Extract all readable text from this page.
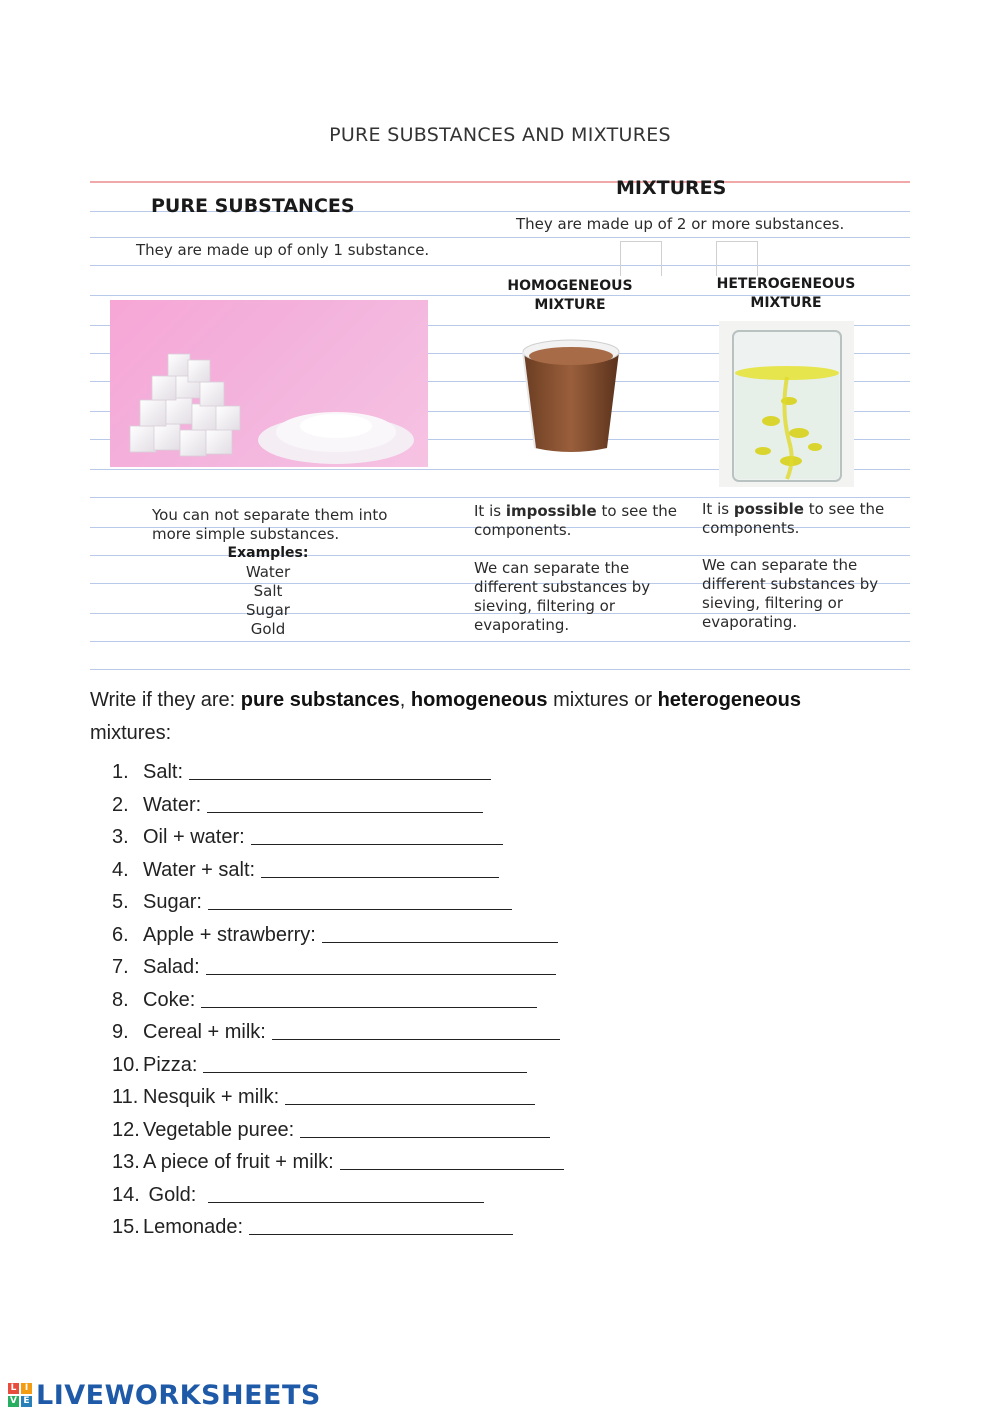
PURE SUBSTANCES AND MIXTURES
PURE SUBSTANCES
They are made up of only 1 substance.
You can not separate them into
more simple substances.
Examples:
Water
Salt
Sugar
Gold
MIXTURES
They are made up of 2 or more substances.
HOMOGENEOUS
MIXTURE
HETEROGENEOUS
MIXTURE
It is impossible to see the
components.
We can separate the
different substances by
sieving, filtering or
evaporating.
It is possible to see the
components.
We can separate the
different substances by
sieving, filtering or
evaporating.
Write if they are: pure substances, homogeneous mixtures or heterogeneous
mixtures:
1. Salt:
2. Water:
3. Oil + water:
4. Water + salt:
5. Sugar:
6. Apple + strawberry:
7. Salad:
8. Coke:
9. Cereal + milk:
10. Pizza:
11. Nesquik + milk:
12. Vegetable puree:
13. A piece of fruit + milk:
14. Gold:
15. Lemonade:
L I
V E LIVEWORKSHEETS
